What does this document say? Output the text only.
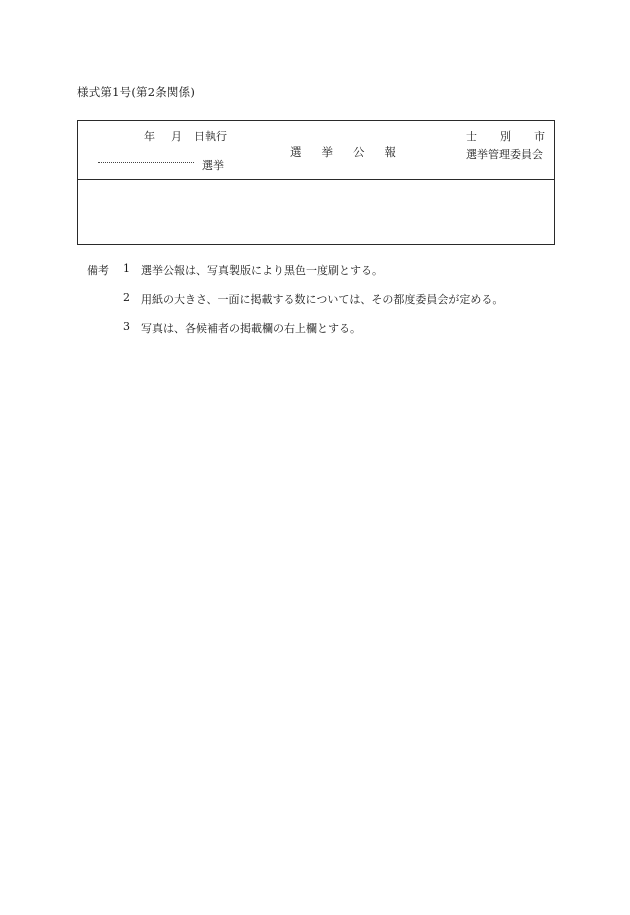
様式第1号(第2条関係)
年 月 日執行
選挙
選挙公報
士別市
選挙管理委員会
備考 1 選挙公報は、写真製版により黒色一度刷とする。
2 用紙の大きさ、一面に掲載する数については、その都度委員会が定める。
3 写真は、各候補者の掲載欄の右上欄とする。
